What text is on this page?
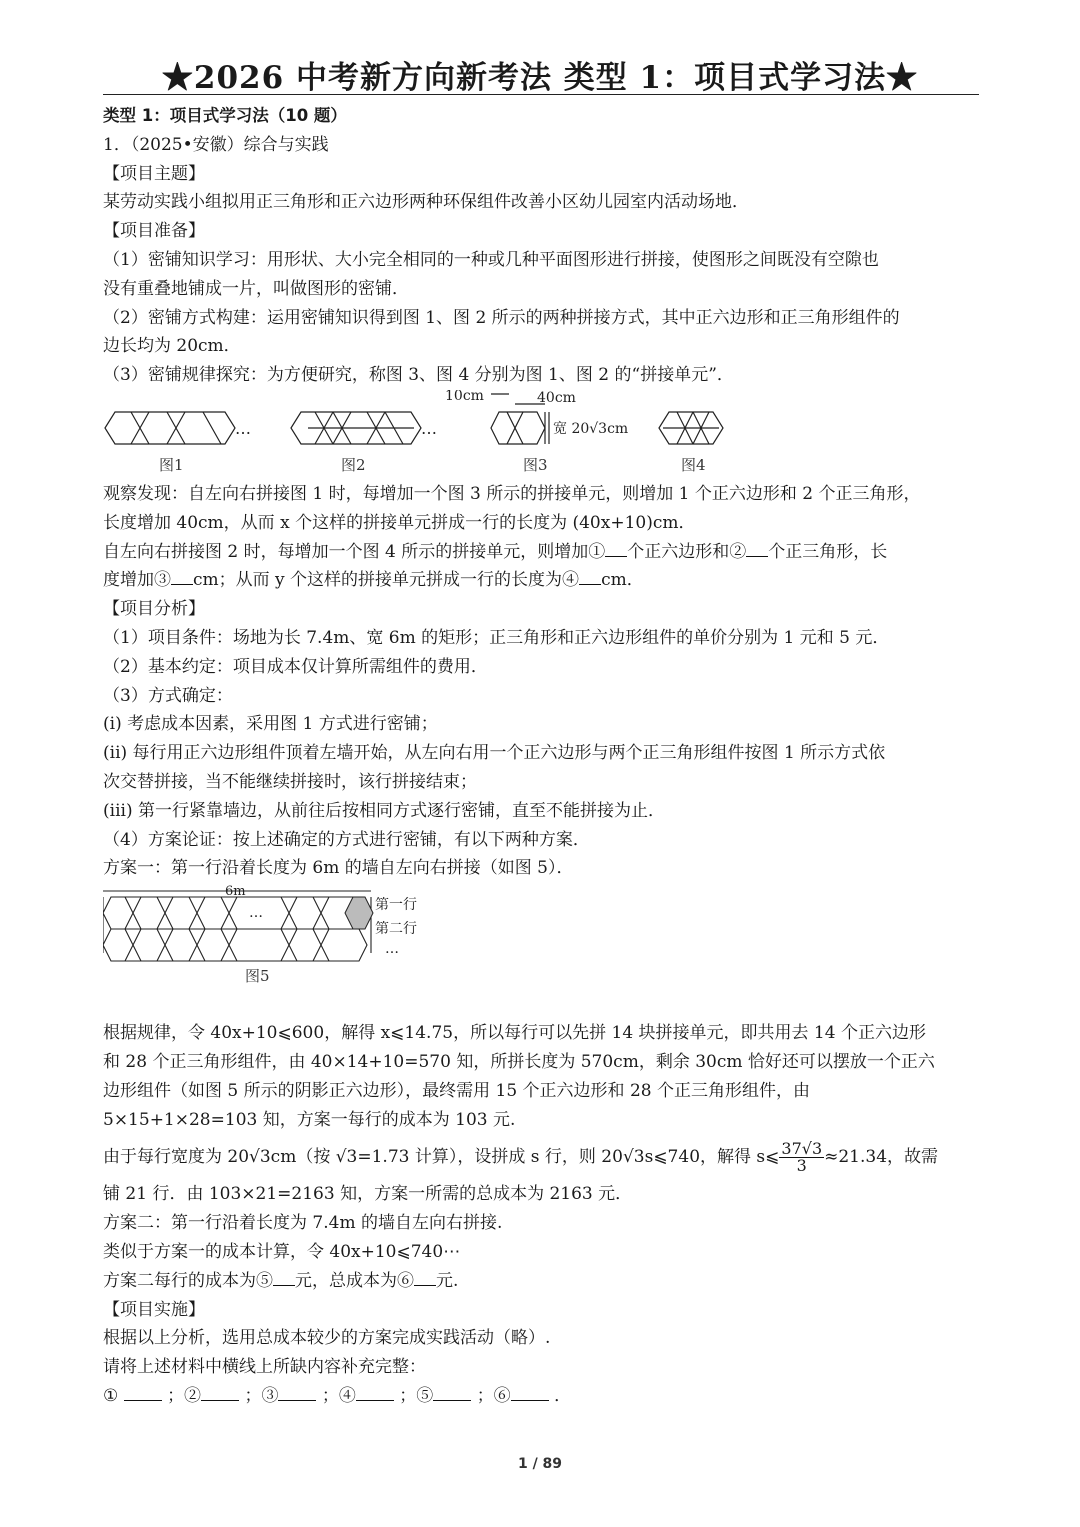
★2026 中考新方向新考法 类型 1：项目式学习法★
类型 1：项目式学习法（10 题）
1．（2025•安徽）综合与实践
【项目主题】
某劳动实践小组拟用正三角形和正六边形两种环保组件改善小区幼儿园室内活动场地．
【项目准备】
（1）密铺知识学习：用形状、大小完全相同的一种或几种平面图形进行拼接，使图形之间既没有空隙也
没有重叠地铺成一片，叫做图形的密铺．
（2）密铺方式构建：运用密铺知识得到图 1、图 2 所示的两种拼接方式，其中正六边形和正三角形组件的
边长均为 20cm．
（3）密铺规律探究：为方便研究，称图 3、图 4 分别为图 1、图 2 的“拼接单元”．
…	…
10cm	40cm
宽 20√3cm
图1	图2	图3	图4
观察发现：自左向右拼接图 1 时，每增加一个图 3 所示的拼接单元，则增加 1 个正六边形和 2 个正三角形，
长度增加 40cm，从而 x 个这样的拼接单元拼成一行的长度为 (40x+10)cm．
自左向右拼接图 2 时，每增加一个图 4 所示的拼接单元，则增加① 个正六边形和② 个正三角形，长
度增加③ cm；从而 y 个这样的拼接单元拼成一行的长度为④ cm．
【项目分析】
（1）项目条件：场地为长 7.4m、宽 6m 的矩形；正三角形和正六边形组件的单价分别为 1 元和 5 元．
（2）基本约定：项目成本仅计算所需组件的费用．
（3）方式确定：
(i) 考虑成本因素，采用图 1 方式进行密铺；
(ii) 每行用正六边形组件顶着左墙开始，从左向右用一个正六边形与两个正三角形组件按图 1 所示方式依
次交替拼接，当不能继续拼接时，该行拼接结束；
(iii) 第一行紧靠墙边，从前往后按相同方式逐行密铺，直至不能拼接为止．
（4）方案论证：按上述确定的方式进行密铺，有以下两种方案．
方案一：第一行沿着长度为 6m 的墙自左向右拼接（如图 5）．
6m
…	第一行
第二行
…
图5
根据规律，令 40x+10⩽600，解得 x⩽14.75，所以每行可以先拼 14 块拼接单元，即共用去 14 个正六边形
和 28 个正三角形组件，由 40×14+10=570 知，所拼长度为 570cm，剩余 30cm 恰好还可以摆放一个正六
边形组件（如图 5 所示的阴影正六边形），最终需用 15 个正六边形和 28 个正三角形组件，由
5×15+1×28=103 知，方案一每行的成本为 103 元.
由于每行宽度为 20√3cm（按 √3=1.73 计算），设拼成 s 行，则 20√3s⩽740，解得 s⩽ $\frac{37√3}{3} \approx 21.34$，故需
铺 21 行．由 103×21=2163 知，方案一所需的总成本为 2163 元．
方案二：第一行沿着长度为 7.4m 的墙自左向右拼接.
类似于方案一的成本计算，令 40x+10⩽740⋯
方案二每行的成本为⑤ 元，总成本为⑥ 元.
【项目实施】
根据以上分析，选用总成本较少的方案完成实践活动（略）.
请将上述材料中横线上所缺内容补充完整：
①	；②	；③	；④	；⑤	；⑥	．
1 / 89
